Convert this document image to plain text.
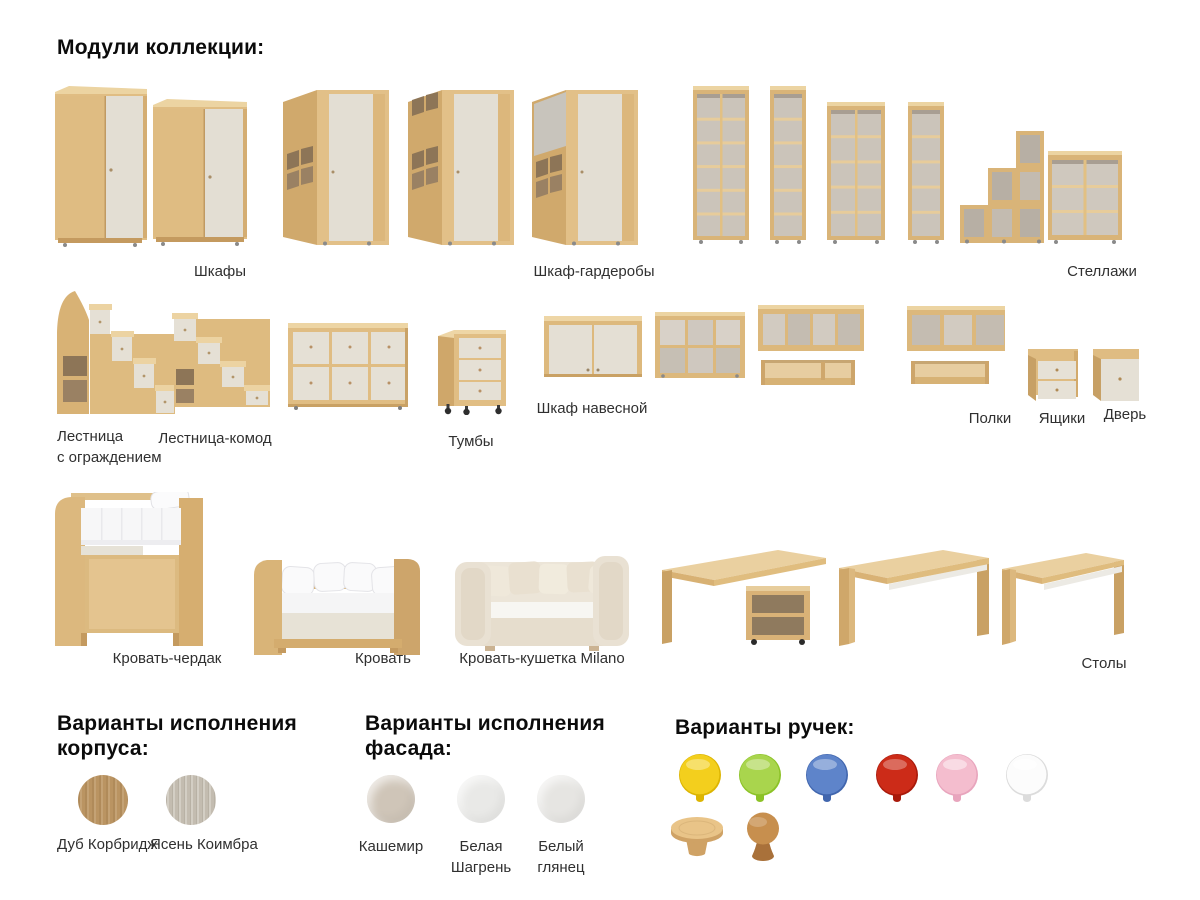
Модули коллекции:
Шкафы	Шкаф-гардеробы	Стеллажи
Лестница
с ограждением
Лестница-комод	Тумбы
Шкаф навесной
Полки Ящики Дверь
Кровать-чердак	Кровать	Кровать-кушетка Milano	Столы
Варианты исполнения
корпуса:
Дуб Корбридж
Ясень Коимбра
Варианты исполнения
фасада:
Кашемир	Белая
Шагрень
Белый
глянец
Варианты ручек:
